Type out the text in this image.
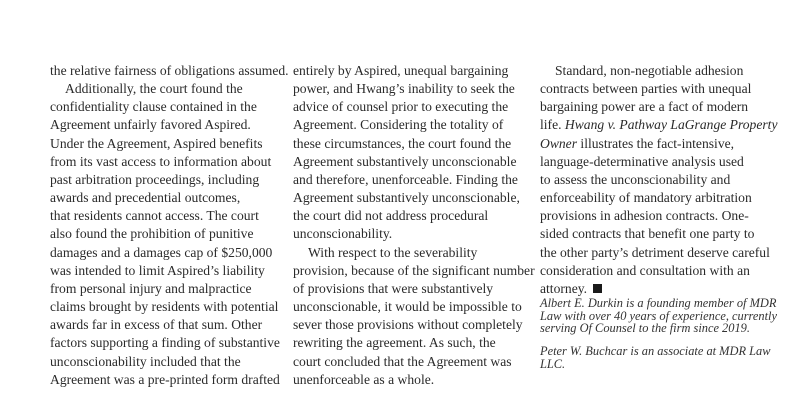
the relative fairness of obligations assumed.
Additionally, the court found the
confidentiality clause contained in the
Agreement unfairly favored Aspired.
Under the Agreement, Aspired benefits
from its vast access to information about
past arbitration proceedings, including
awards and precedential outcomes,
that residents cannot access. The court
also found the prohibition of punitive
damages and a damages cap of $250,000
was intended to limit Aspired’s liability
from personal injury and malpractice
claims brought by residents with potential
awards far in excess of that sum. Other
factors supporting a finding of substantive
unconscionability included that the
Agreement was a pre-printed form drafted
entirely by Aspired, unequal bargaining
power, and Hwang’s inability to seek the
advice of counsel prior to executing the
Agreement. Considering the totality of
these circumstances, the court found the
Agreement substantively unconscionable
and therefore, unenforceable. Finding the
Agreement substantively unconscionable,
the court did not address procedural
unconscionability.
With respect to the severability
provision, because of the significant number
of provisions that were substantively
unconscionable, it would be impossible to
sever those provisions without completely
rewriting the agreement. As such, the
court concluded that the Agreement was
unenforceable as a whole.
Standard, non-negotiable adhesion
contracts between parties with unequal
bargaining power are a fact of modern
life. Hwang v. Pathway LaGrange Property
Owner illustrates the fact-intensive,
language-determinative analysis used
to assess the unconscionability and
enforceability of mandatory arbitration
provisions in adhesion contracts. One-
sided contracts that benefit one party to
the other party’s detriment deserve careful
consideration and consultation with an
attorney.
Albert E. Durkin is a founding member of MDR
Law with over 40 years of experience, currently
serving Of Counsel to the firm since 2019.
Peter W. Buchcar is an associate at MDR Law
LLC.
